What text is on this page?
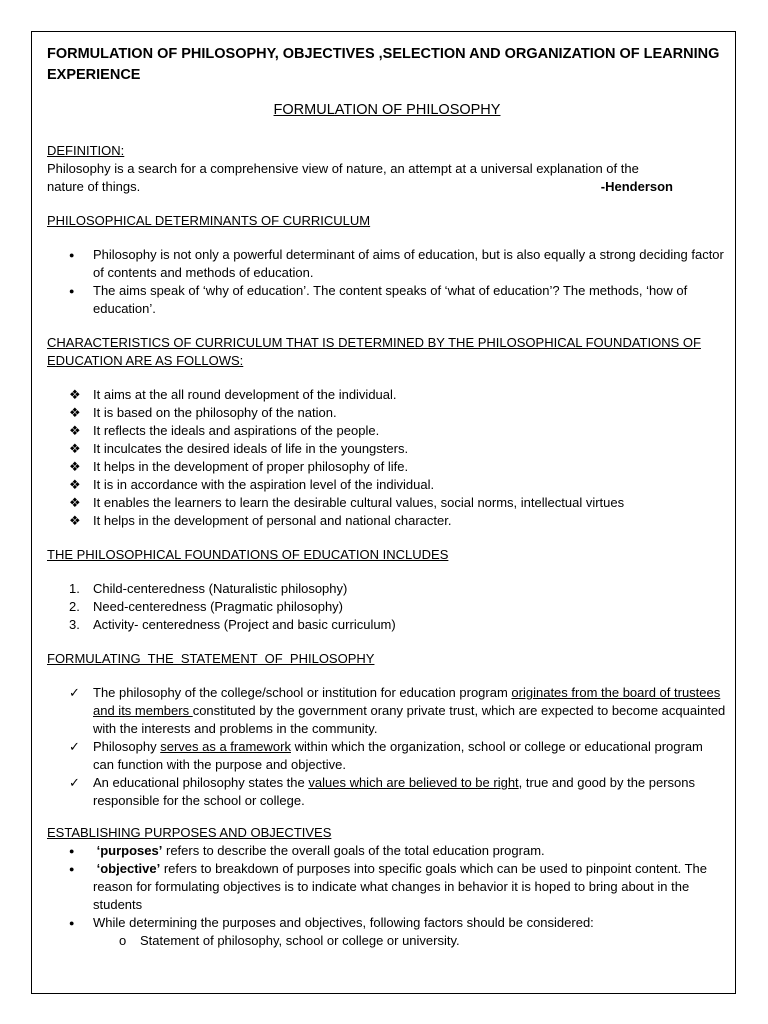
FORMULATION OF PHILOSOPHY, OBJECTIVES ,SELECTION AND ORGANIZATION OF LEARNING EXPERIENCE
FORMULATION OF PHILOSOPHY
DEFINITION:
Philosophy is a search for a comprehensive view of nature, an attempt at a universal explanation of the
nature of things.	-Henderson
PHILOSOPHICAL DETERMINANTS OF CURRICULUM
●	Philosophy is not only a powerful determinant of aims of education, but is also equally a strong deciding factor of contents and methods of education.
●	The aims speak of ‘why of education’. The content speaks of ‘what of education’? The methods, ‘how of education’.
CHARACTERISTICS OF CURRICULUM THAT IS DETERMINED BY THE PHILOSOPHICAL FOUNDATIONS OF EDUCATION ARE AS FOLLOWS:
❖ It aims at the all round development of the individual.
❖ It is based on the philosophy of the nation.
❖ It reflects the ideals and aspirations of the people.
❖ It inculcates the desired ideals of life in the youngsters.
❖ It helps in the development of proper philosophy of life.
❖ It is in accordance with the aspiration level of the individual.
❖ It enables the learners to learn the desirable cultural values, social norms, intellectual virtues
❖ It helps in the development of personal and national character.
THE PHILOSOPHICAL FOUNDATIONS OF EDUCATION INCLUDES
1.	Child-centeredness (Naturalistic philosophy)
2.	Need-centeredness (Pragmatic philosophy)
3.	Activity- centeredness (Project and basic curriculum)
FORMULATING  THE  STATEMENT  OF  PHILOSOPHY
✓	The philosophy of the college/school or institution for education program originates from the board of trustees and its members constituted by the government orany private trust, which are expected to become acquainted with the interests and problems in the community.
✓	Philosophy serves as a framework within which the organization, school or college or educational program can function with the purpose and objective.
✓	An educational philosophy states the values which are believed to be right, true and good by the persons responsible for the school or college.
ESTABLISHING PURPOSES AND OBJECTIVES
●	‘purposes’ refers to describe the overall goals of the total education program.
●	‘objective’ refers to breakdown of purposes into specific goals which can be used to pinpoint content. The reason for formulating objectives is to indicate what changes in behavior it is hoped to bring about in the students
●	While determining the purposes and objectives, following factors should be considered:
o	Statement of philosophy, school or college or university.
